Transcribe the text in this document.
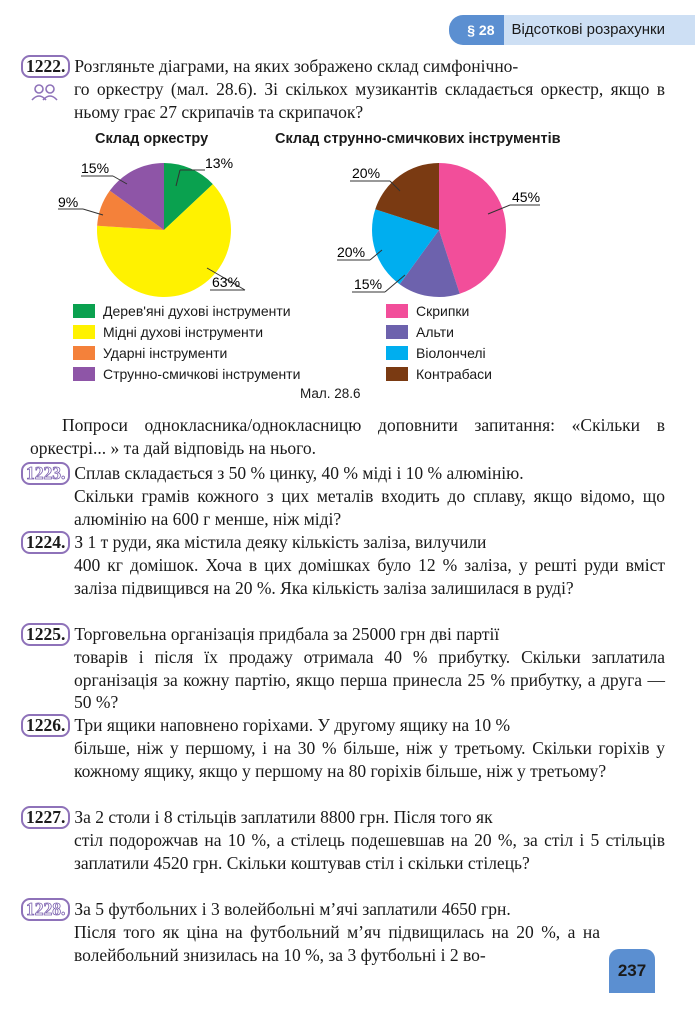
§ 28	Відсоткові розрахунки
1222. Розгляньте діаграми, на яких зображено склад симфонічно-
го оркестру (мал. 28.6). Зі скількох музикантів складається оркестр, якщо в ньому грає 27 скрипачів та скрипачок?
Склад оркестру	Склад струнно-смичкових інструментів
13%
15%
9%
63%
20%
45%
20%
15%
Дерев'яні духові інструменти
Мідні духові інструменти
Ударні інструменти
Струнно-смичкові інструменти
Скрипки
Альти
Віолончелі
Контрабаси
Мал. 28.6
Попроси однокласника/однокласницю доповнити запитання: «Скільки в оркестрі... » та дай відповідь на нього.
1223. Сплав складається з 50 % цинку, 40 % міді і 10 % алюмінію.
Скільки грамів кожного з цих металів входить до сплаву, якщо відомо, що алюмінію на 600 г менше, ніж міді?
1224. З 1 т руди, яка містила деяку кількість заліза, вилучили
400 кг домішок. Хоча в цих домішках було 12 % заліза, у решті руди вміст заліза підвищився на 20 %. Яка кількість заліза залишилася в руді?
1225. Торговельна організація придбала за 25000 грн дві партії
товарів і після їх продажу отримала 40 % прибутку. Скільки заплатила організація за кожну партію, якщо перша принесла 25 % прибутку, а друга — 50 %?
1226. Три ящики наповнено горіхами. У другому ящику на 10 %
більше, ніж у першому, і на 30 % більше, ніж у третьому. Скільки горіхів у кожному ящику, якщо у першому на 80 горіхів більше, ніж у третьому?
1227. За 2 столи і 8 стільців заплатили 8800 грн. Після того як
стіл подорожчав на 10 %, а стілець подешевшав на 20 %, за стіл і 5 стільців заплатили 4520 грн. Скільки коштував стіл і скільки стілець?
1228. За 5 футбольних і 3 волейбольні м’ячі заплатили 4650 грн.
Після того як ціна на футбольний м’яч підвищилась на 20 %, а на волейбольний знизилась на 10 %, за 3 футбольні і 2 во-
237
